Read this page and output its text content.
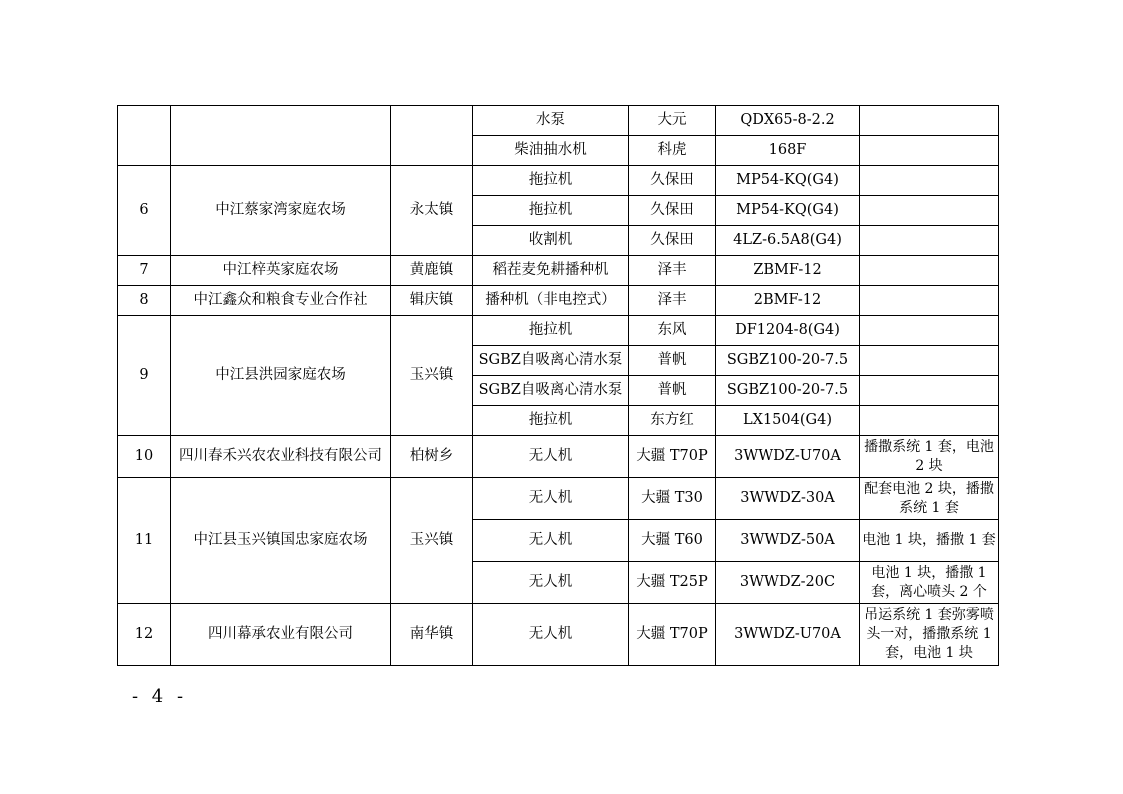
			水泵	大元	QDX65-8-2.2	
			柴油抽水机	科虎	168F	
6	中江蔡家湾家庭农场	永太镇	拖拉机	久保田	MP54-KQ(G4)	
			拖拉机	久保田	MP54-KQ(G4)	
			收割机	久保田	4LZ-6.5A8(G4)	
7	中江梓英家庭农场	黄鹿镇	稻茬麦免耕播种机	泽丰	ZBMF-12	
8	中江鑫众和粮食专业合作社	辑庆镇	播种机（非电控式）	泽丰	2BMF-12	
9	中江县洪园家庭农场	玉兴镇	拖拉机	东风	DF1204-8(G4)	
			SGBZ自吸离心清水泵	普帆	SGBZ100-20-7.5	
			SGBZ自吸离心清水泵	普帆	SGBZ100-20-7.5	
			拖拉机	东方红	LX1504(G4)	
10	四川春禾兴农农业科技有限公司	柏树乡	无人机	大疆 T70P	3WWDZ-U70A	播撒系统 1 套，电池 2 块
11	中江县玉兴镇国忠家庭农场	玉兴镇	无人机	大疆 T30	3WWDZ-30A	配套电池 2 块，播撒系统 1 套
			无人机	大疆 T60	3WWDZ-50A	电池 1 块，播撒 1 套
			无人机	大疆 T25P	3WWDZ-20C	电池 1 块，播撒 1 套，离心喷头 2 个
12	四川幕承农业有限公司	南华镇	无人机	大疆 T70P	3WWDZ-U70A	吊运系统 1 套弥雾喷头一对，播撒系统 1 套，电池 1 块
- 4 -
